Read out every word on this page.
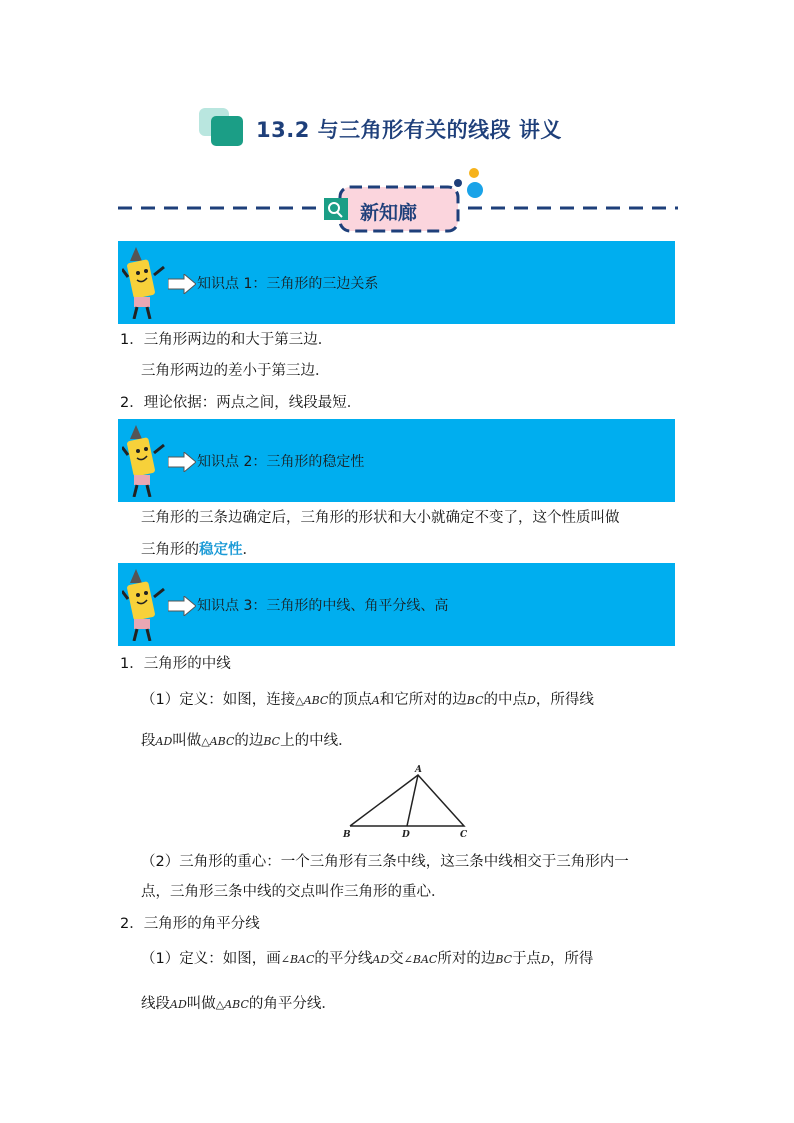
13.2 与三角形有关的线段 讲义
新知廊
知识点 1：三角形的三边关系
1．三角形两边的和大于第三边．
三角形两边的差小于第三边．
2．理论依据：两点之间，线段最短．
知识点 2：三角形的稳定性
三角形的三条边确定后，三角形的形状和大小就确定不变了，这个性质叫做
三角形的稳定性．
知识点 3：三角形的中线、角平分线、高
1．三角形的中线
（1）定义：如图，连接△ABC的顶点A和它所对的边BC的中点D，所得线
段AD叫做△ABC的边BC上的中线．
A
B	D	C
（2）三角形的重心：一个三角形有三条中线，这三条中线相交于三角形内一
点，三角形三条中线的交点叫作三角形的重心．
2．三角形的角平分线
（1）定义：如图，画∠BAC的平分线AD交∠BAC所对的边BC于点D，所得
线段AD叫做△ABC的角平分线．
